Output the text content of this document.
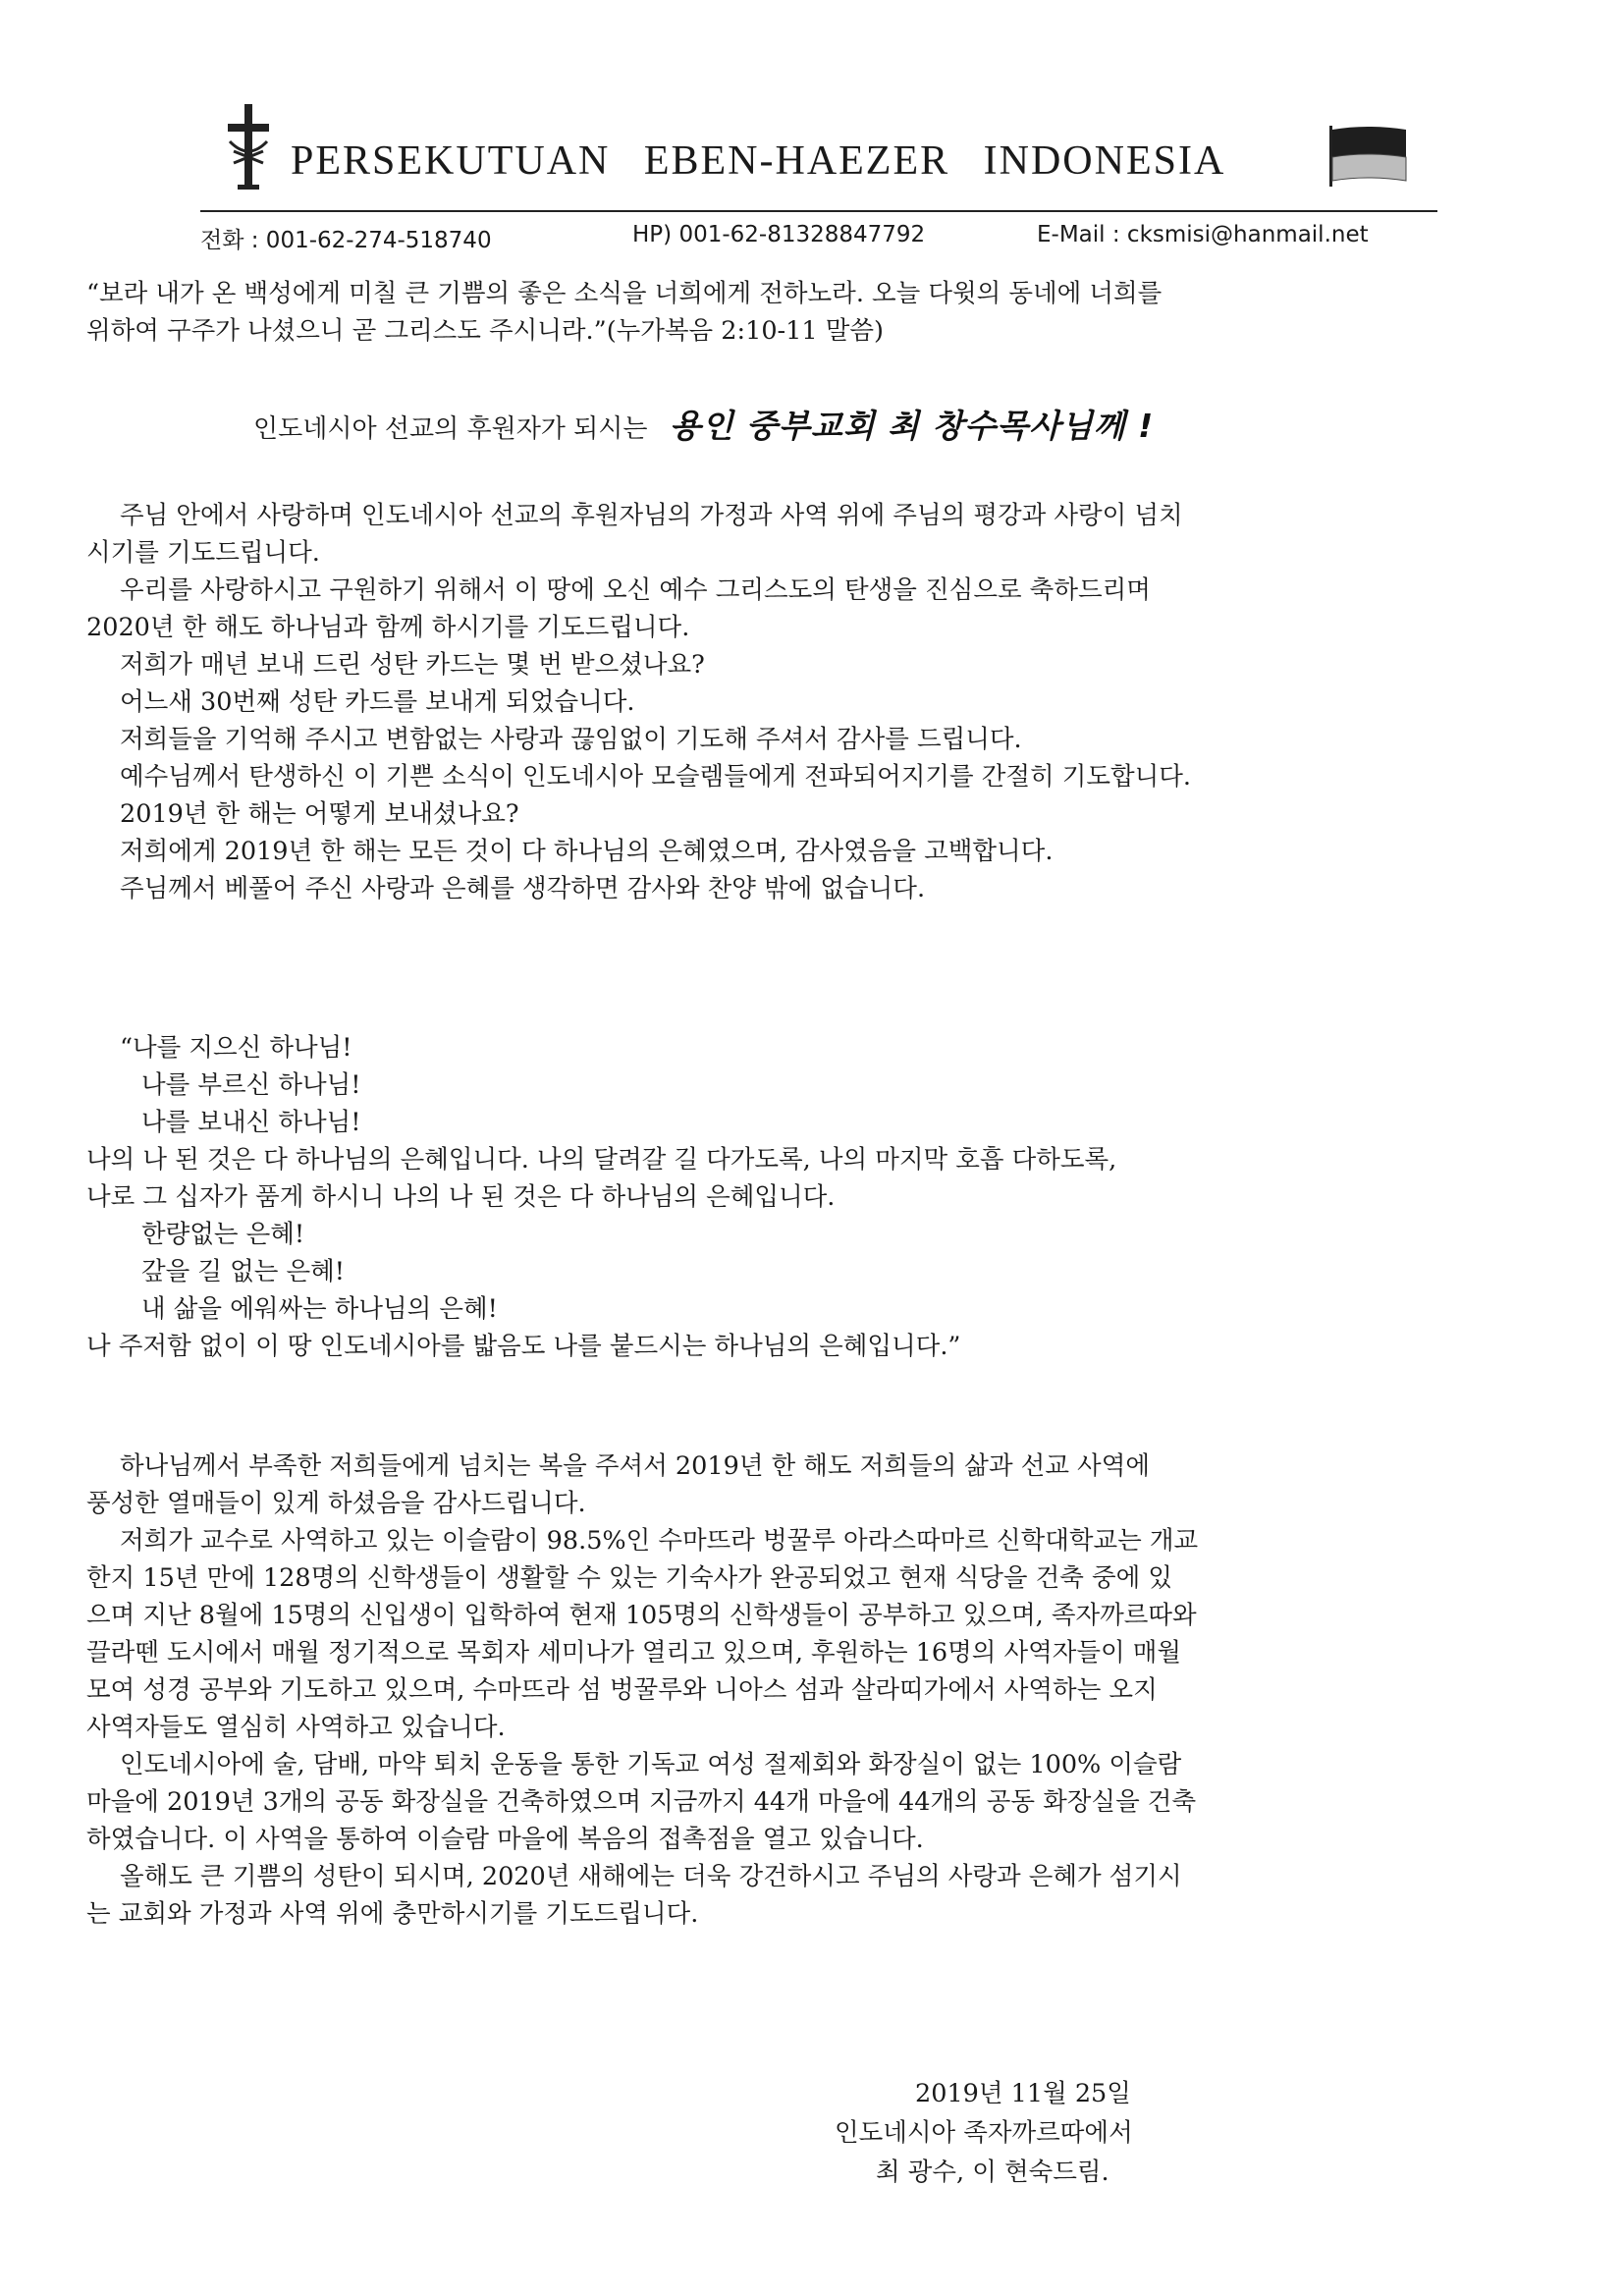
PERSEKUTUAN EBEN-HAEZER INDONESIA
전화 : 001-62-274-518740	HP) 001-62-81328847792	E-Mail : cksmisi@hanmail.net
“보라 내가 온 백성에게 미칠 큰 기쁨의 좋은 소식을 너희에게 전하노라. 오늘 다윗의 동네에 너희를
위하여 구주가 나셨으니 곧 그리스도 주시니라.”(누가복음 2:10-11 말씀)
인도네시아 선교의 후원자가 되시는 용인 중부교회 최 창수목사님께 !
주님 안에서 사랑하며 인도네시아 선교의 후원자님의 가정과 사역 위에 주님의 평강과 사랑이 넘치
시기를 기도드립니다.
우리를 사랑하시고 구원하기 위해서 이 땅에 오신 예수 그리스도의 탄생을 진심으로 축하드리며
2020년 한 해도 하나님과 함께 하시기를 기도드립니다.
저희가 매년 보내 드린 성탄 카드는 몇 번 받으셨나요?
어느새 30번째 성탄 카드를 보내게 되었습니다.
저희들을 기억해 주시고 변함없는 사랑과 끊임없이 기도해 주셔서 감사를 드립니다.
예수님께서 탄생하신 이 기쁜 소식이 인도네시아 모슬렘들에게 전파되어지기를 간절히 기도합니다.
2019년 한 해는 어떻게 보내셨나요?
저희에게 2019년 한 해는 모든 것이 다 하나님의 은혜였으며, 감사였음을 고백합니다.
주님께서 베풀어 주신 사랑과 은혜를 생각하면 감사와 찬양 밖에 없습니다.
“나를 지으신 하나님!
나를 부르신 하나님!
나를 보내신 하나님!
나의 나 된 것은 다 하나님의 은혜입니다. 나의 달려갈 길 다가도록, 나의 마지막 호흡 다하도록,
나로 그 십자가 품게 하시니 나의 나 된 것은 다 하나님의 은혜입니다.
한량없는 은혜!
갚을 길 없는 은혜!
내 삶을 에워싸는 하나님의 은혜!
나 주저함 없이 이 땅 인도네시아를 밟음도 나를 붙드시는 하나님의 은혜입니다.”
하나님께서 부족한 저희들에게 넘치는 복을 주셔서 2019년 한 해도 저희들의 삶과 선교 사역에
풍성한 열매들이 있게 하셨음을 감사드립니다.
저희가 교수로 사역하고 있는 이슬람이 98.5%인 수마뜨라 벙꿀루 아라스따마르 신학대학교는 개교
한지 15년 만에 128명의 신학생들이 생활할 수 있는 기숙사가 완공되었고 현재 식당을 건축 중에 있
으며 지난 8월에 15명의 신입생이 입학하여 현재 105명의 신학생들이 공부하고 있으며, 족자까르따와
끌라뗀 도시에서 매월 정기적으로 목회자 세미나가 열리고 있으며, 후원하는 16명의 사역자들이 매월
모여 성경 공부와 기도하고 있으며, 수마뜨라 섬 벙꿀루와 니아스 섬과 살라띠가에서 사역하는 오지
사역자들도 열심히 사역하고 있습니다.
인도네시아에 술, 담배, 마약 퇴치 운동을 통한 기독교 여성 절제회와 화장실이 없는 100% 이슬람
마을에 2019년 3개의 공동 화장실을 건축하였으며 지금까지 44개 마을에 44개의 공동 화장실을 건축
하였습니다. 이 사역을 통하여 이슬람 마을에 복음의 접촉점을 열고 있습니다.
올해도 큰 기쁨의 성탄이 되시며, 2020년 새해에는 더욱 강건하시고 주님의 사랑과 은혜가 섬기시
는 교회와 가정과 사역 위에 충만하시기를 기도드립니다.
2019년 11월 25일
인도네시아 족자까르따에서
최 광수, 이 현숙드림.
